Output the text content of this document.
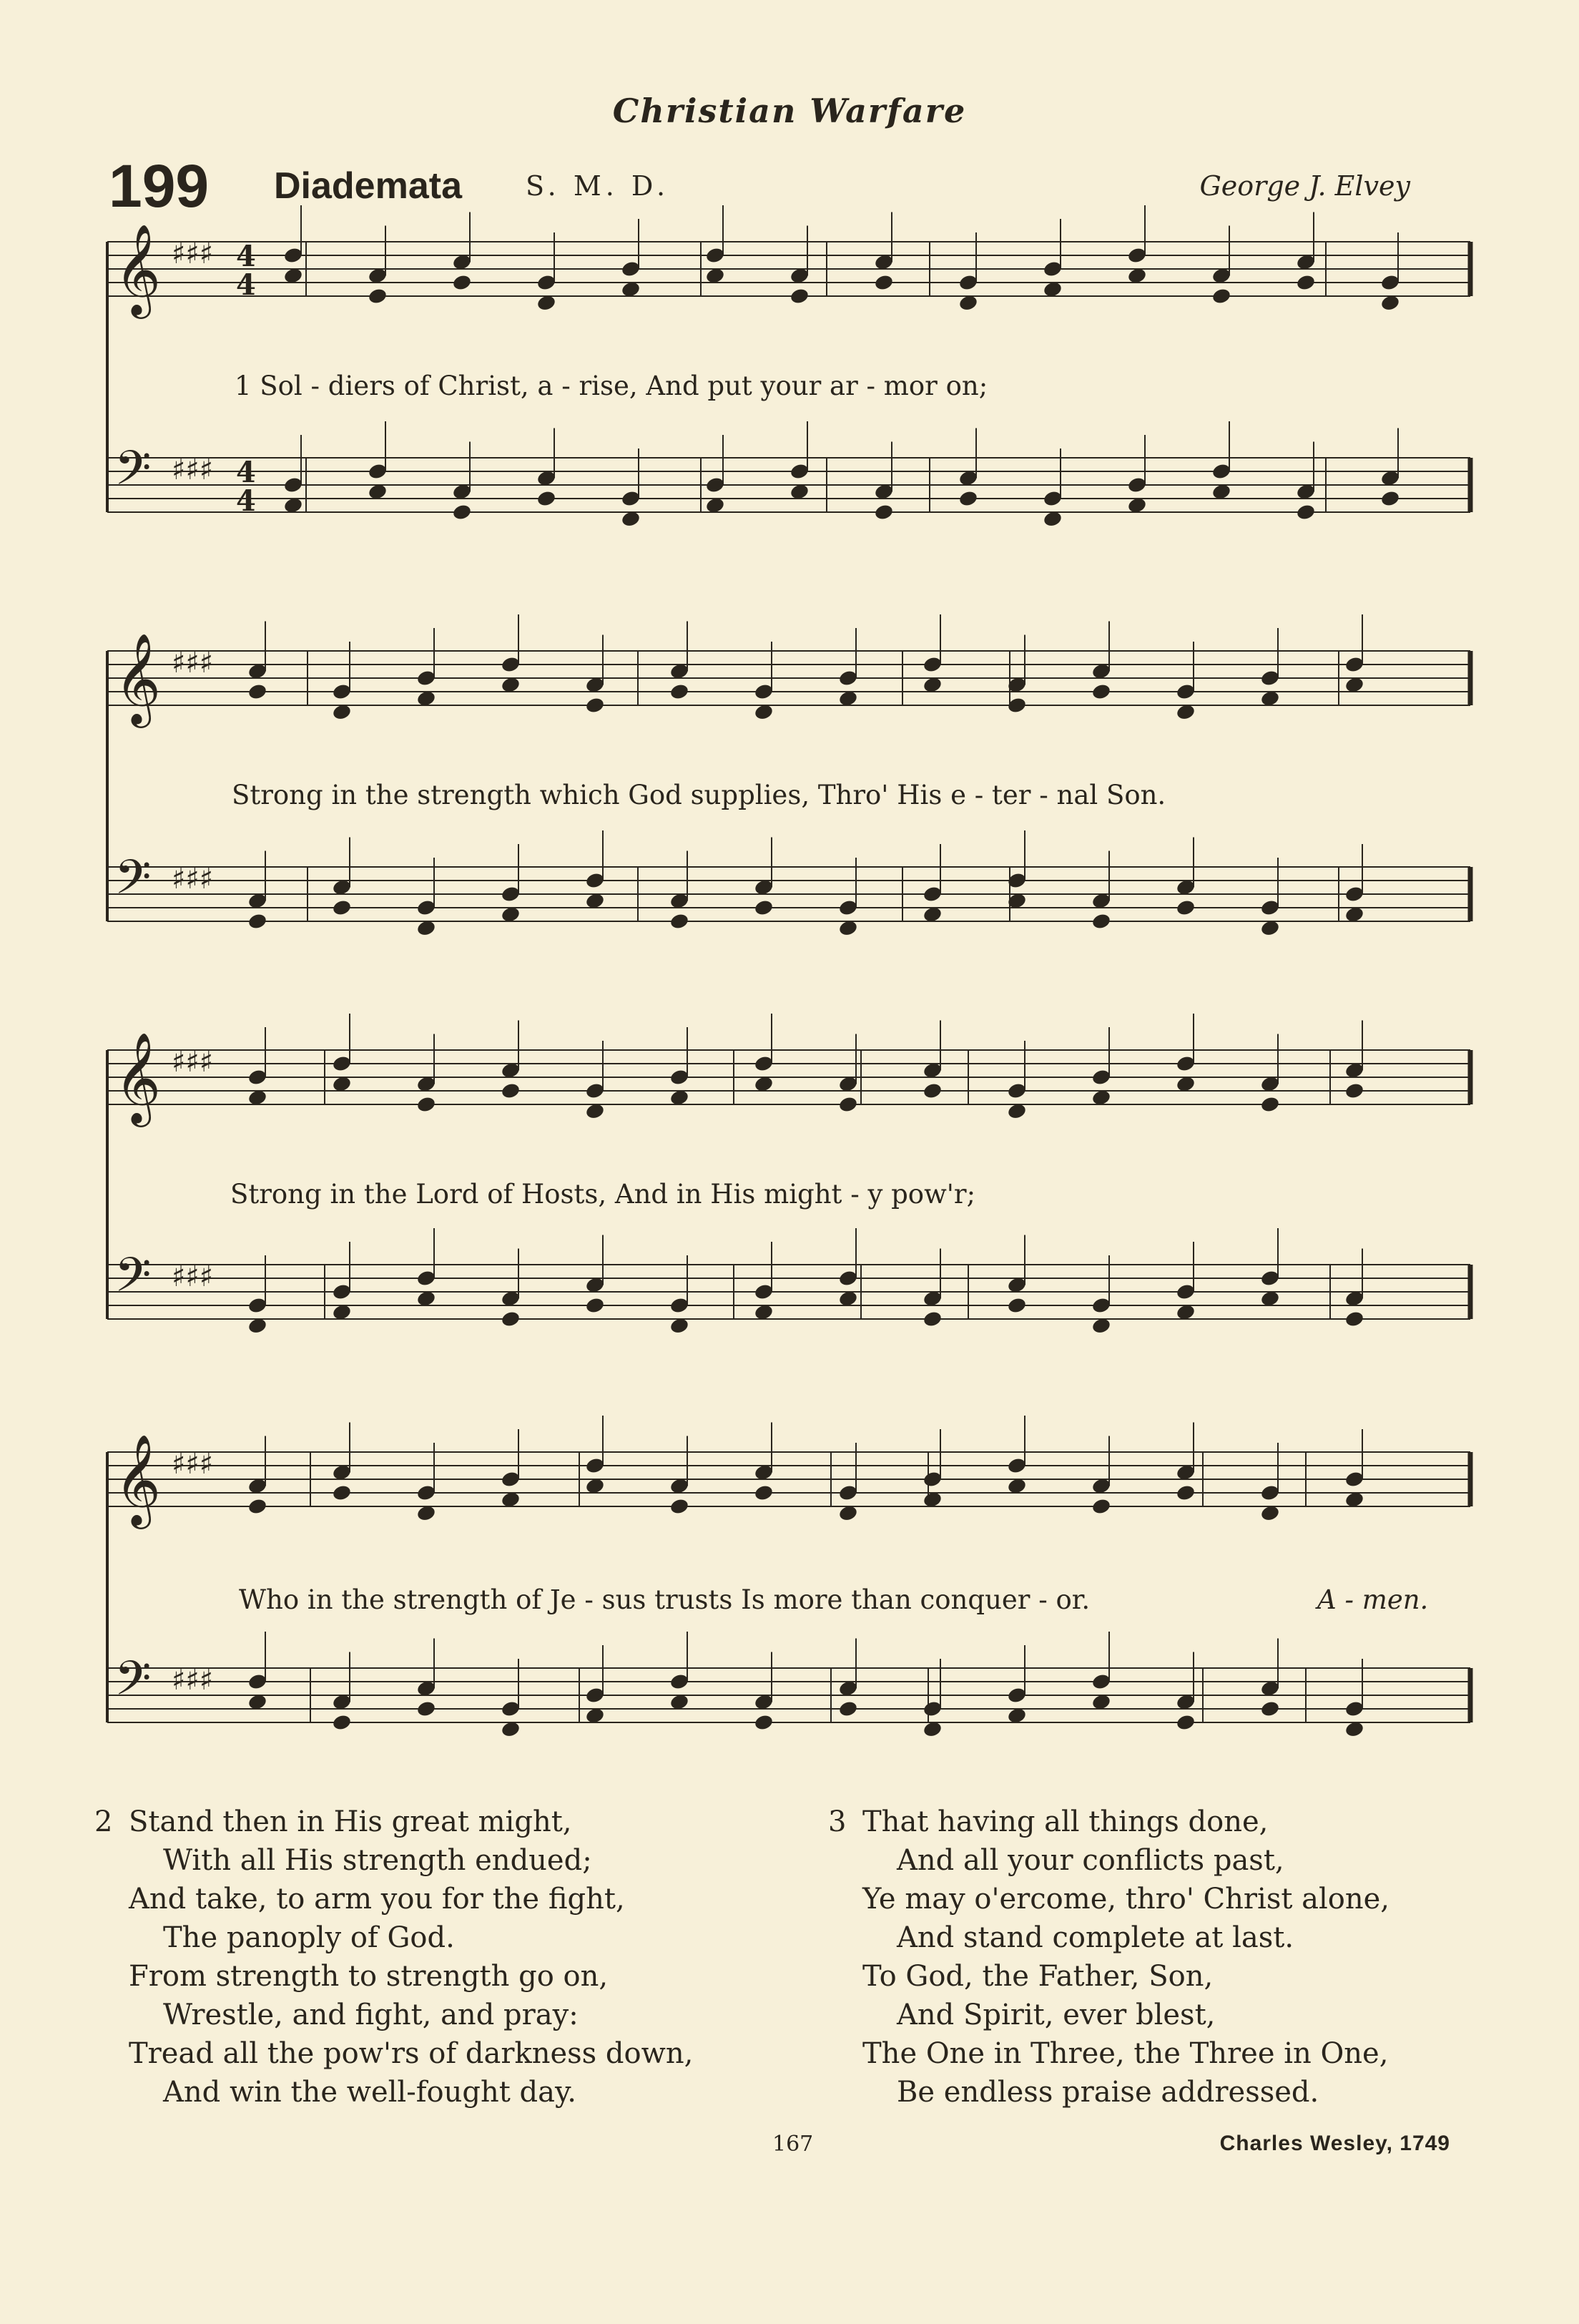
Christian Warfare
199 Diademata S. M. D.	George J. Elvey
𝄞 ♯♯♯ 4
4
𝄢 ♯♯♯ 4
4
𝄞 ♯♯♯
𝄢 ♯♯♯
𝄞 ♯♯♯
𝄢 ♯♯♯
𝄞 ♯♯♯
𝄢 ♯♯♯
1 Sol - diers of Christ, a - rise, And put your ar - mor on;
Strong in the strength which God supplies, Thro' His e - ter - nal Son.
Strong in the Lord of Hosts, And in His might - y pow'r;
Who in the strength of Je - sus trusts Is more than conquer - or.	A - men.
2 Stand then in His great might,
With all His strength endued;
And take, to arm you for the fight,
The panoply of God.
From strength to strength go on,
Wrestle, and fight, and pray:
Tread all the pow'rs of darkness down,
And win the well-fought day.
3 That having all things done,
And all your conflicts past,
Ye may o'ercome, thro' Christ alone,
And stand complete at last.
To God, the Father, Son,
And Spirit, ever blest,
The One in Three, the Three in One,
Be endless praise addressed.
167	Charles Wesley, 1749
